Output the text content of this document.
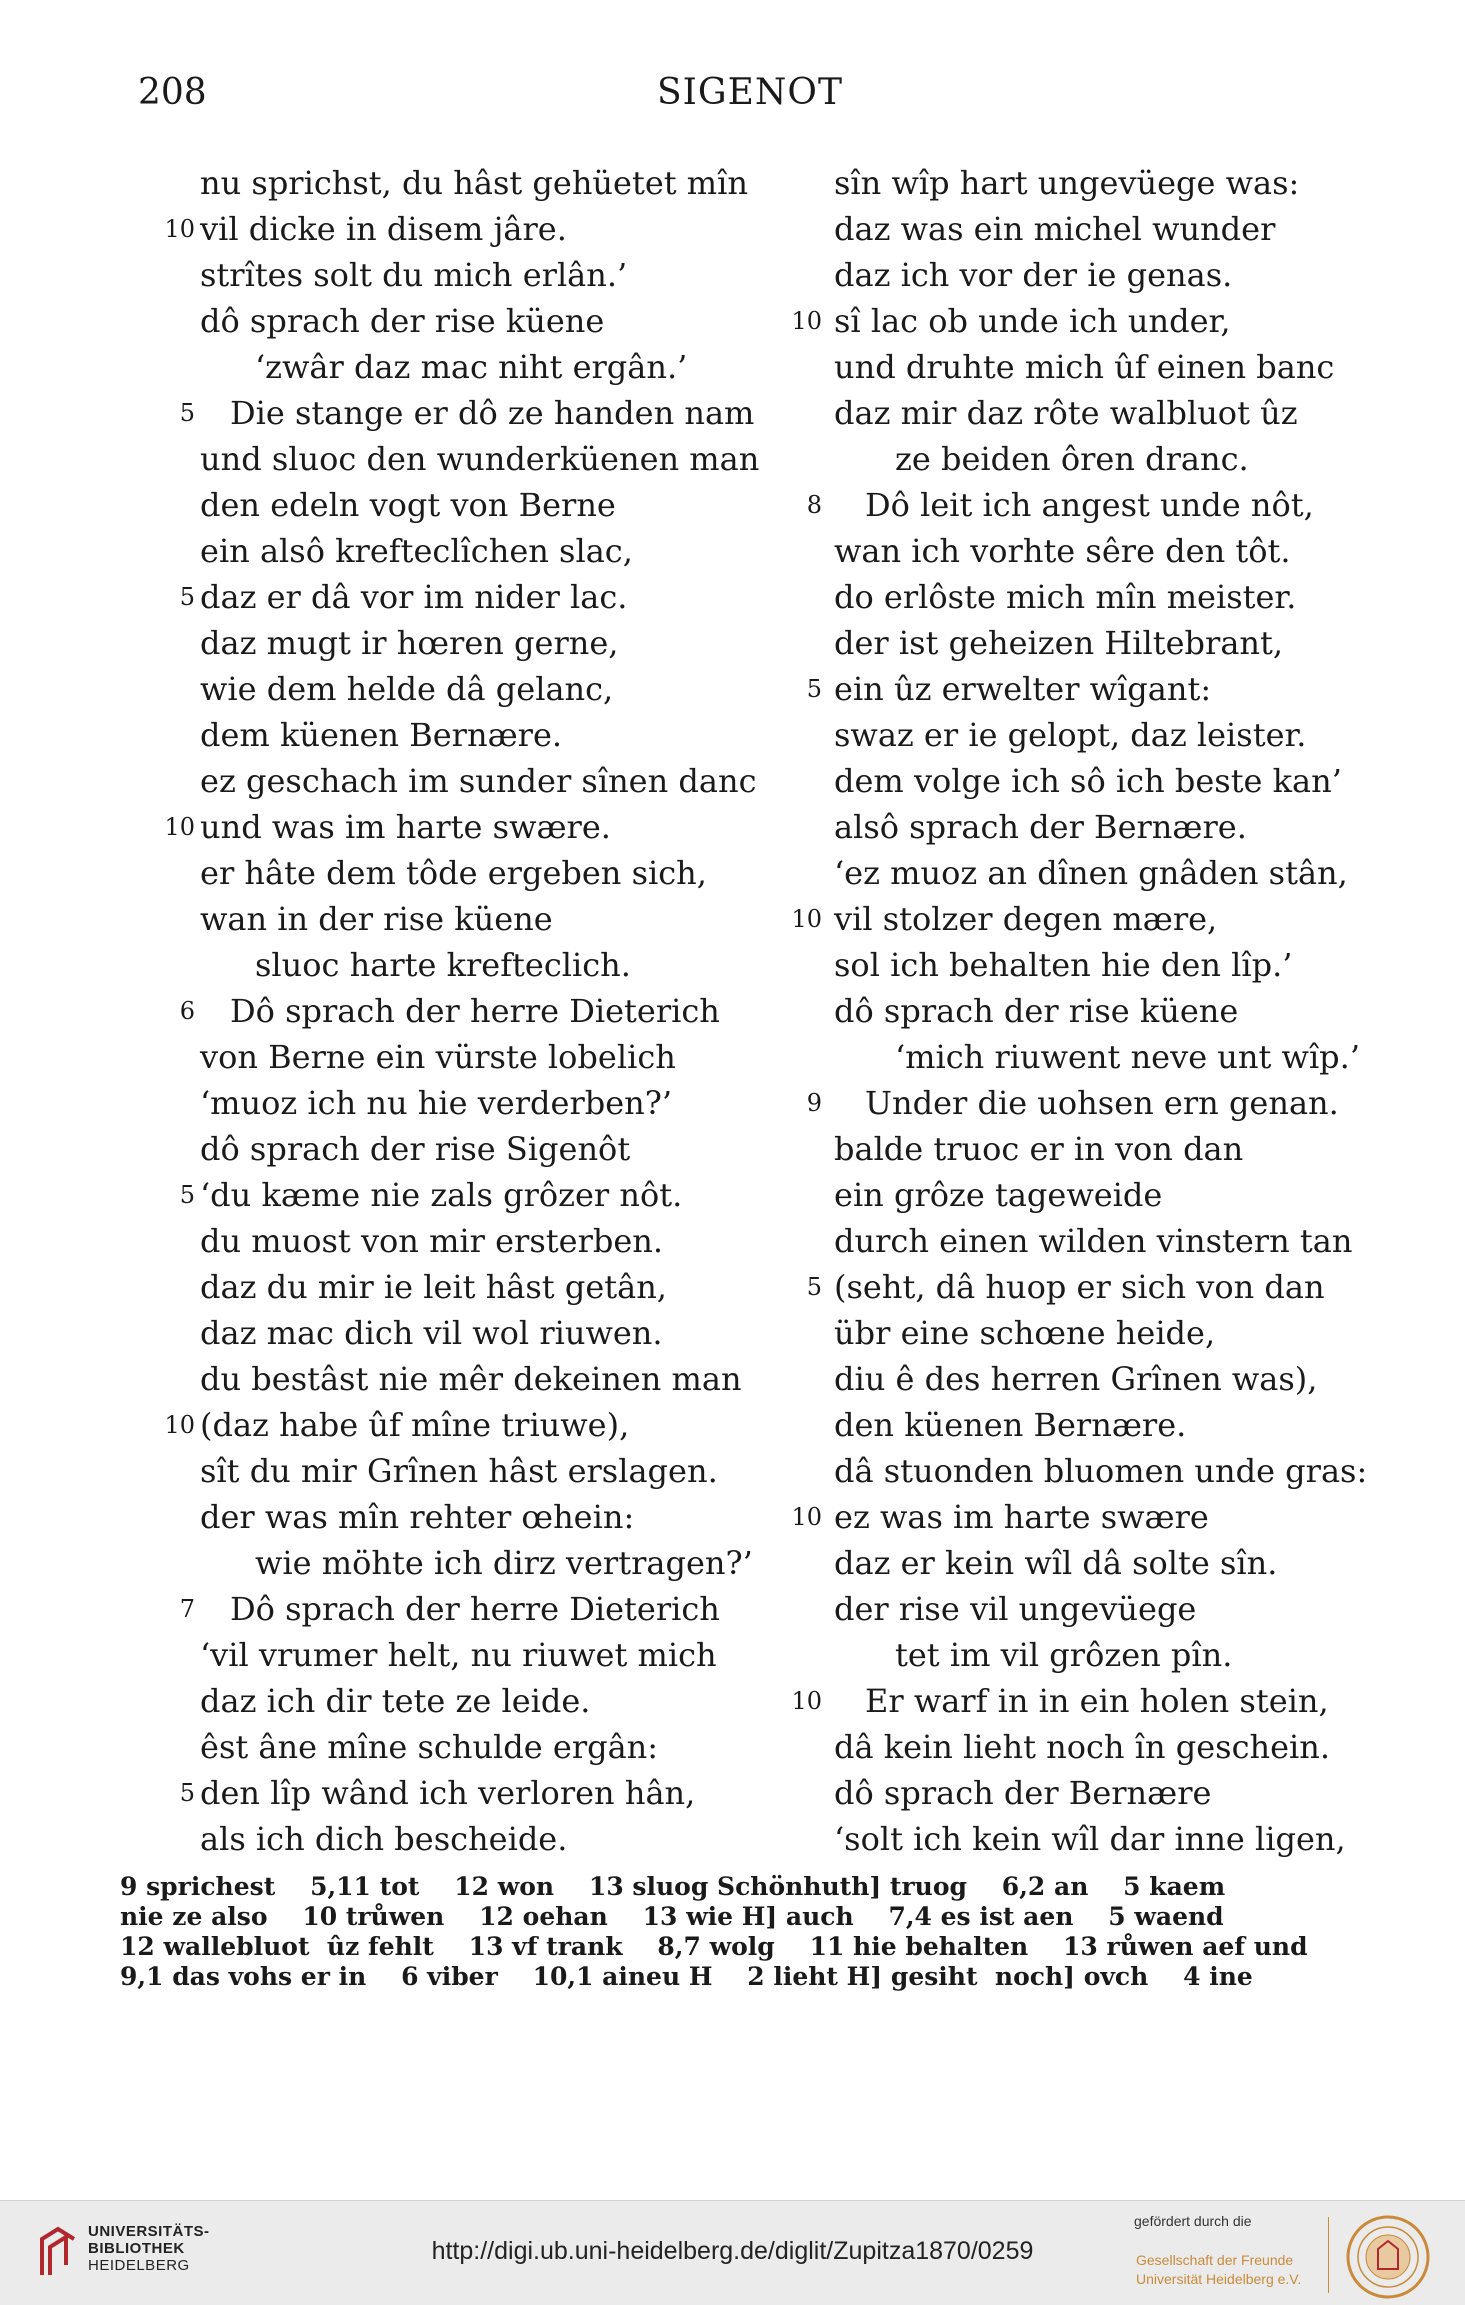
208	SIGENOT
nu sprichst, du hâst gehüetet mîn
10 vil dicke in disem jâre.
strîtes solt du mich erlân.’
dô sprach der rise küene
‘zwâr daz mac niht ergân.’
5 Die stange er dô ze handen nam
und sluoc den wunderküenen man
den edeln vogt von Berne
ein alsô krefteclîchen slac,
5 daz er dâ vor im nider lac.
daz mugt ir hœren gerne,
wie dem helde dâ gelanc,
dem küenen Bernære.
ez geschach im sunder sînen danc
10 und was im harte swære.
er hâte dem tôde ergeben sich,
wan in der rise küene
sluoc harte krefteclich.
6 Dô sprach der herre Dieterich
von Berne ein vürste lobelich
‘muoz ich nu hie verderben?’
dô sprach der rise Sigenôt
5 ‘du kæme nie zals grôzer nôt.
du muost von mir ersterben.
daz du mir ie leit hâst getân,
daz mac dich vil wol riuwen.
du bestâst nie mêr dekeinen man
10 (daz habe ûf mîne triuwe),
sît du mir Grînen hâst erslagen.
der was mîn rehter œhein:
wie möhte ich dirz vertragen?’
7 Dô sprach der herre Dieterich
‘vil vrumer helt, nu riuwet mich
daz ich dir tete ze leide.
êst âne mîne schulde ergân:
5 den lîp wând ich verloren hân,
als ich dich bescheide.
sîn wîp hart ungevüege was:
daz was ein michel wunder
daz ich vor der ie genas.
10 sî lac ob unde ich under,
und druhte mich ûf einen banc
daz mir daz rôte walbluot ûz
ze beiden ôren dranc.
8 Dô leit ich angest unde nôt,
wan ich vorhte sêre den tôt.
do erlôste mich mîn meister.
der ist geheizen Hiltebrant,
5 ein ûz erwelter wîgant:
swaz er ie gelopt, daz leister.
dem volge ich sô ich beste kan’
alsô sprach der Bernære.
‘ez muoz an dînen gnâden stân,
10 vil stolzer degen mære,
sol ich behalten hie den lîp.’
dô sprach der rise küene
‘mich riuwent neve unt wîp.’
9 Under die uohsen ern genan.
balde truoc er in von dan
ein grôze tageweide
durch einen wilden vinstern tan
5 (seht, dâ huop er sich von dan
übr eine schœne heide,
diu ê des herren Grînen was),
den küenen Bernære.
dâ stuonden bluomen unde gras:
10 ez was im harte swære
daz er kein wîl dâ solte sîn.
der rise vil ungevüege
tet im vil grôzen pîn.
10 Er warf in in ein holen stein,
dâ kein lieht noch în geschein.
dô sprach der Bernære
‘solt ich kein wîl dar inne ligen,
9 sprichest    5,11 tot    12 won    13 sluog Schönhuth] truog    6,2 an    5 kaem
nie ze also    10 trůwen    12 oehan    13 wie H] auch    7,4 es ist aen    5 waend
12 wallebluot  ûz fehlt    13 vf trank    8,7 wolg    11 hie behalten    13 růwen aef und
9,1 das vohs er in    6 viber    10,1 aineu H    2 lieht H] gesiht  noch] ovch    4 ine
UNIVERSITÄTS-
BIBLIOTHEK
HEIDELBERG
http://digi.ub.uni-heidelberg.de/diglit/Zupitza1870/0259
gefördert durch die
Gesellschaft der Freunde
Universität Heidelberg e.V.
